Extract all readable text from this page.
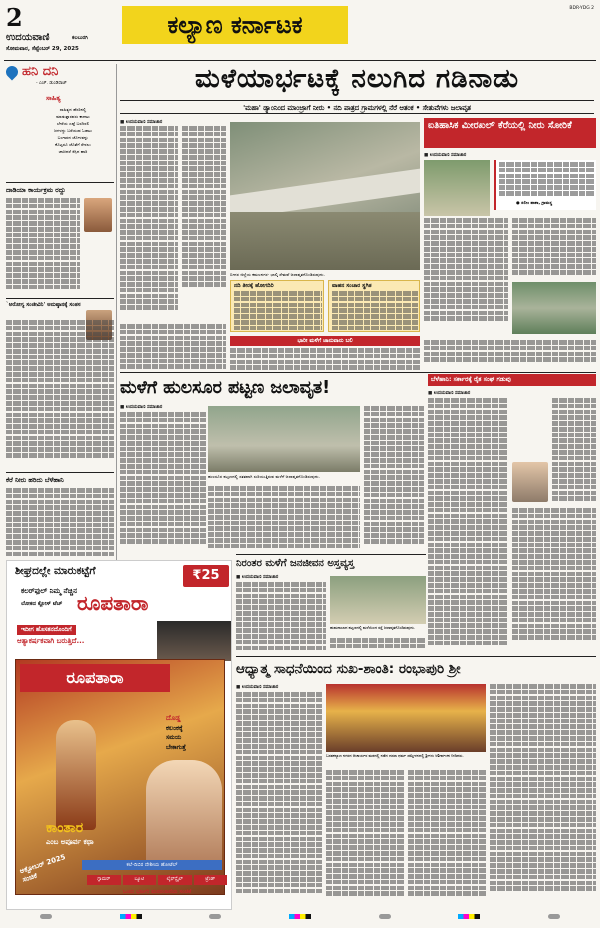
2
ಉದಯವಾಣಿ	ಕಲಬುರಗಿ
ಸೋಮವಾರ, ಸೆಪ್ಟೆಂಬರ್ 29, 2025
ಕಲ್ಯಾಣ ಕರ್ನಾಟಕ
BDR-YDG 2
ಹನಿ ದನಿ
- ಎಚ್. ಡುಂಡಿರಾಜ್
ಸಾಹಿತ್ಯ
ಸಾಹಿತ್ಯದ ಹೆಸರಿನಲ್ಲಿ
ಮಾಡುತ್ತಾರವರು ಕಾದಾಟ
ಬೇರೆಯ ಎಷ್ಟೆ ಬರದಿರಲಿ
ಜಗಳದ್ದು ಬರೆಯುವ ಓಡಾಟ
ಬಂಗಾರದ ಜೋಳವನ್ನು
ಕೊಟ್ಟರೂ ಜೊತೆಗೆ ಸೇರಲು
ಚಾಚಿದರೆ ಕಿಗ್ಗಿದ ಹಾರಿ
ದಾಡಿಯಾ ಕಾರ್ಯಕ್ರಮ ರದ್ದು
`ಅರೋಗ್ಯ ಸಂಜೀವಿನಿ' ಅನುಷ್ಠಾನಕ್ಕೆ ಸಂತಸ
ಕೆರೆ ನೀರು ಹರಿದು ಬೆಳೆಹಾನಿ
ಮಳೆಯಾರ್ಭಟಕ್ಕೆ ನಲುಗಿದ ಗಡಿನಾಡು
'ಮಹಾ' ಡ್ಯಾಂನಿಂದ ಮಾಂಜ್ರಾಗೆ ನೀರು • ನದಿ ಪಾತ್ರದ ಗ್ರಾಮಗಳಲ್ಲಿ ನೆರೆ ಆತಂಕ • ಸೇತುವೆಗಳು ಜಲಾವೃತ
■ ಉದಯವಾಣಿ ಸಮಾಚಾರ
ಬೀದರ ಜಿಲ್ಲೆಯ ಕಮಲನಗರ- ಭಾಲ್ಕಿ ಸೇತುವೆ ಜಲಾವೃತಗೊಂಡಿರುವುದು.
ನದಿ ತೀರಕ್ಕೆ ಹೋಗದಿರಿ	ವಾಹನ ಸಂಚಾರ ಸ್ಥಗಿತ
ಭಾರೀ ಮಳೆಗೆ ಜಾನುವಾರು ಬಲಿ
ಐತಿಹಾಸಿಕ ಮೀರಖಲ್ ಕೆರೆಯಲ್ಲಿ ನೀರು ಸೋರಿಕೆ
■ ಉದಯವಾಣಿ ಸಮಾಚಾರ
● ಸಲೀಂ ಪಾಶಾ, ಗ್ರಾಮಸ್ಥ
ಮಳೆಗೆ ಹುಲಸೂರ ಪಟ್ಟಣ ಜಲಾವೃತ!
■ ಉದಯವಾಣಿ ಸಮಾಚಾರ
ಹುಲಸೂರ ಪಟ್ಟಣದಲ್ಲಿ ಸತತವಾಗಿ ಸುರಿಯುತ್ತಿರುವ ಮಳೆಗೆ ಜಲಾವೃತಗೊಂಡಿರುವುದು.
ಬೆಳೆಹಾನಿ: ಸರ್ಕಾರಕ್ಕೆ ರೈತ ಸಂಘ ಗಡುವು
■ ಉದಯವಾಣಿ ಸಮಾಚಾರ
ನಿರಂತರ ಮಳೆಗೆ ಜನಜೀವನ ಅಸ್ತವ್ಯಸ್ತ
■ ಉದಯವಾಣಿ ಸಮಾಚಾರ
ಹುಮನಾಬಾದ ಪಟ್ಟಣದಲ್ಲಿ ಮಳೆಯಿಂದ ರಸ್ತೆ ಜಲಾವೃತಗೊಂಡಿರುವುದು.
ಆಧ್ಯಾತ್ಮ ಸಾಧನೆಯಿಂದ ಸುಖ-ಶಾಂತಿ: ರಂಭಾಪುರಿ ಶ್ರೀ
■ ಉದಯವಾಣಿ ಸಮಾಚಾರ
ಬಸವಕಲ್ಯಾಣ ನಗರದ ಆಚಾರ್ಯರ ಮಠದಲ್ಲಿ ನಡೆದ ದಸರಾ ಧರ್ಮ ಸಮ್ಮೇಳನದಲ್ಲಿ ಶ್ರೀಗಳು ಆಶೀರ್ವಚನ ನೀಡಿದರು.
ಶೀಘ್ರದಲ್ಲೇ ಮಾರುಕಟ್ಟೆಗೆ	₹25
ಕಲರ್‌ಫುಲ್ ನಿಮ್ಮ ನೆಚ್ಚಿನ
ಲೋಕದ ಕ್ಲೋಸ್ ಟೆಚ್ ರೂಪತಾರಾ
ಇದೀಗ ಹೊಸತನದೊಂದಿಗೆ
ಆತ್ಯಾಕರ್ಷಕವಾಗಿ ಬರುತ್ತಿದೆ...
ರೂಪತಾರಾ
ದೊಡ್ಡ
ಕಲಂಕಕ್ಕೆ
ಸಮಯ
ಬೇಕಾಗುತ್ತೆ
ಕಾಂತಾರ
ಎಂಬ ಅಪೂರ್ವ ಕಥಾ
ಅಕ್ಟೋಬರ್ 2025 ಸಂಚಿಕೆ
ಕಲೆ-ದಿಬಿರ ದೇಶೀಯ ಹೋಟೆಲ್
ಗ್ಲಾಮರ್	ಬ್ಯೂಟಿ	ಲೈಫ್‌ಸ್ಟೈಲ್	ಟ್ರೆಂಡ್
ಒಂದು ಭರ್ಜರಿ ಮನರಂಜನೆಯ ಸಂಚಿಕೆ
